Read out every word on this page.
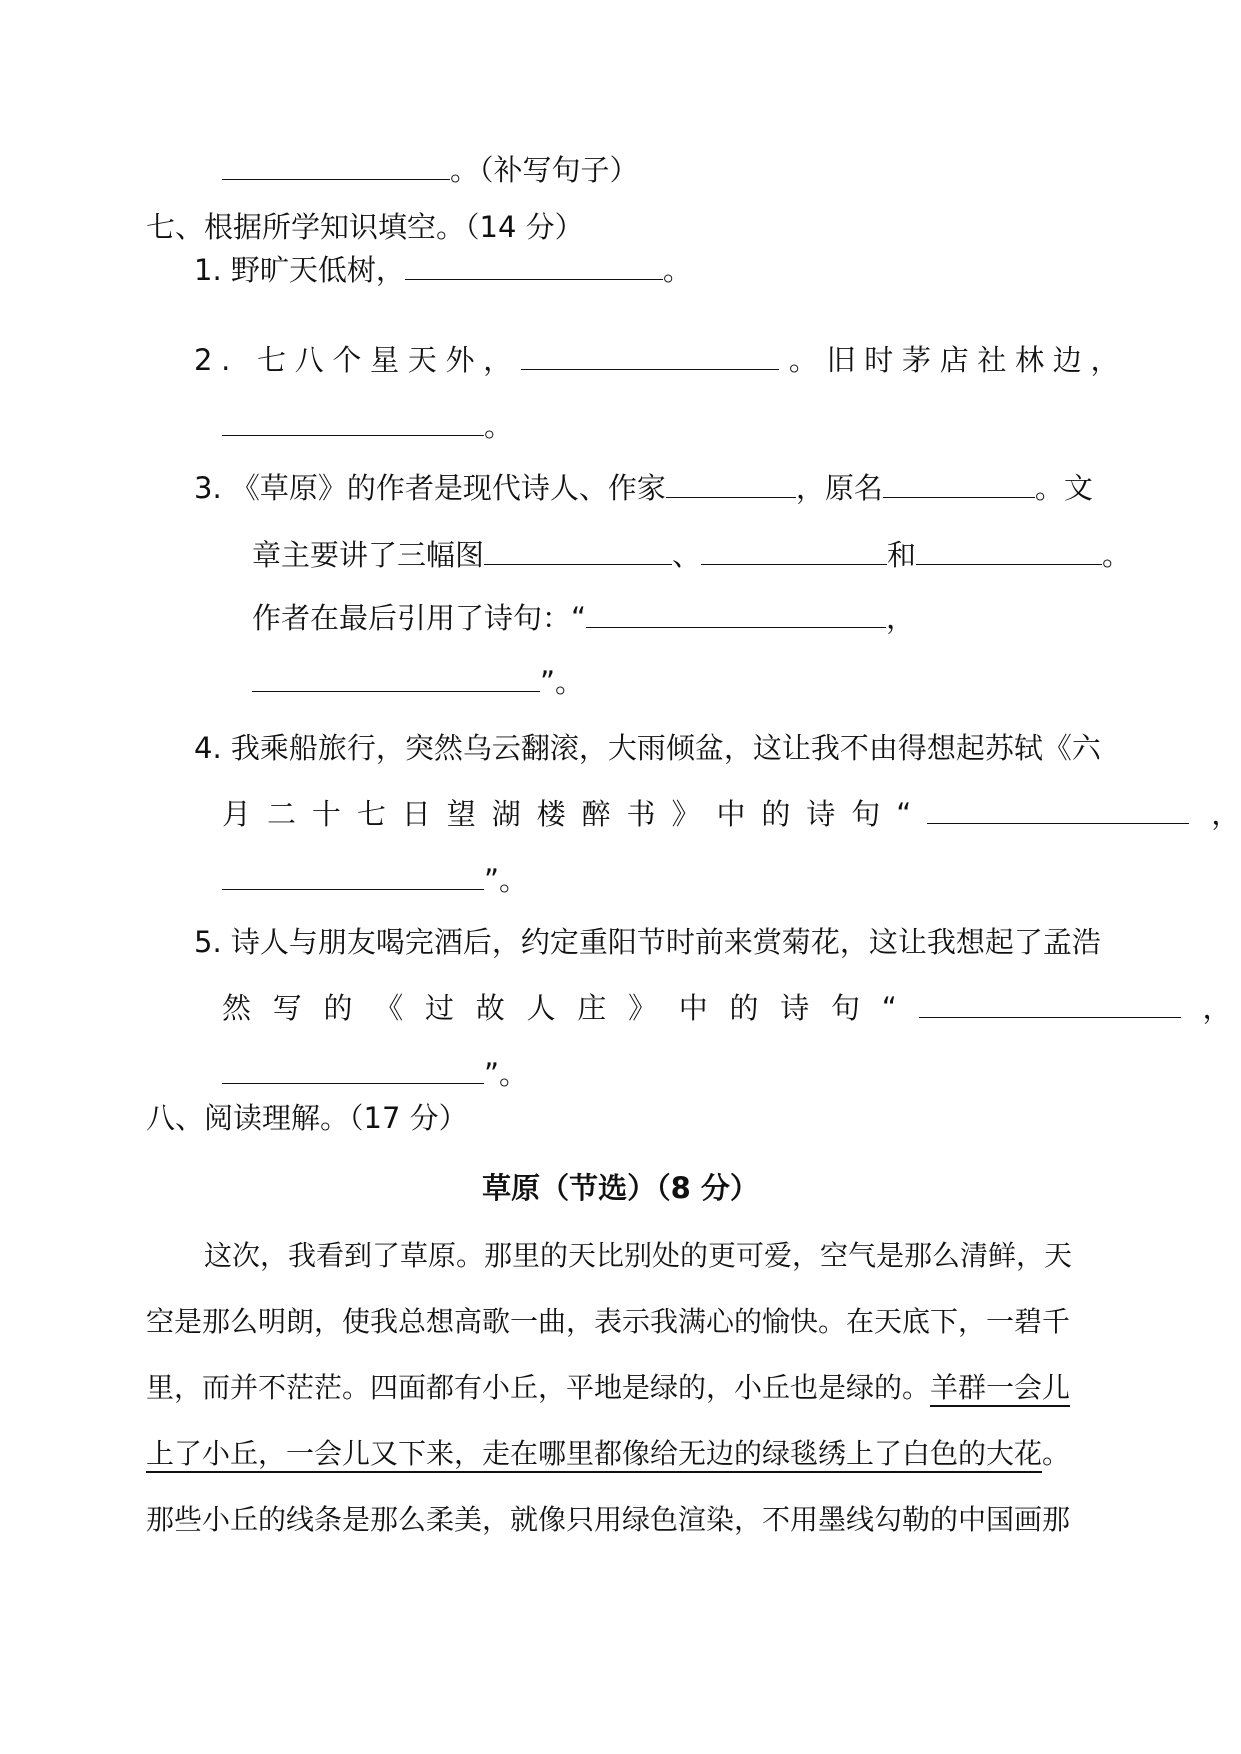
。（补写句子）
七、根据所学知识填空。（14 分）
1. 野旷天低树，	。
2. 七八个星天外，	。旧时茅店社林边，
。
3. 《草原》的作者是现代诗人、作家	，原名	。文
章主要讲了三幅图	、	和	。
作者在最后引用了诗句：“	，
”。
4. 我乘船旅行，突然乌云翻滚，大雨倾盆，这让我不由得想起苏轼《六
月二十七日望湖楼醉书》中的诗句“	，
”。
5. 诗人与朋友喝完酒后，约定重阳节时前来赏菊花，这让我想起了孟浩
然写的《过故人庄》中的诗句“	，
”。
八、阅读理解。（17 分）
草原（节选）（8 分）
这次，我看到了草原。那里的天比别处的更可爱，空气是那么清鲜，天
空是那么明朗，使我总想高歌一曲，表示我满心的愉快。在天底下，一碧千
里，而并不茫茫。四面都有小丘，平地是绿的，小丘也是绿的。羊群一会儿
上了小丘，一会儿又下来，走在哪里都像给无边的绿毯绣上了白色的大花。
那些小丘的线条是那么柔美，就像只用绿色渲染，不用墨线勾勒的中国画那
